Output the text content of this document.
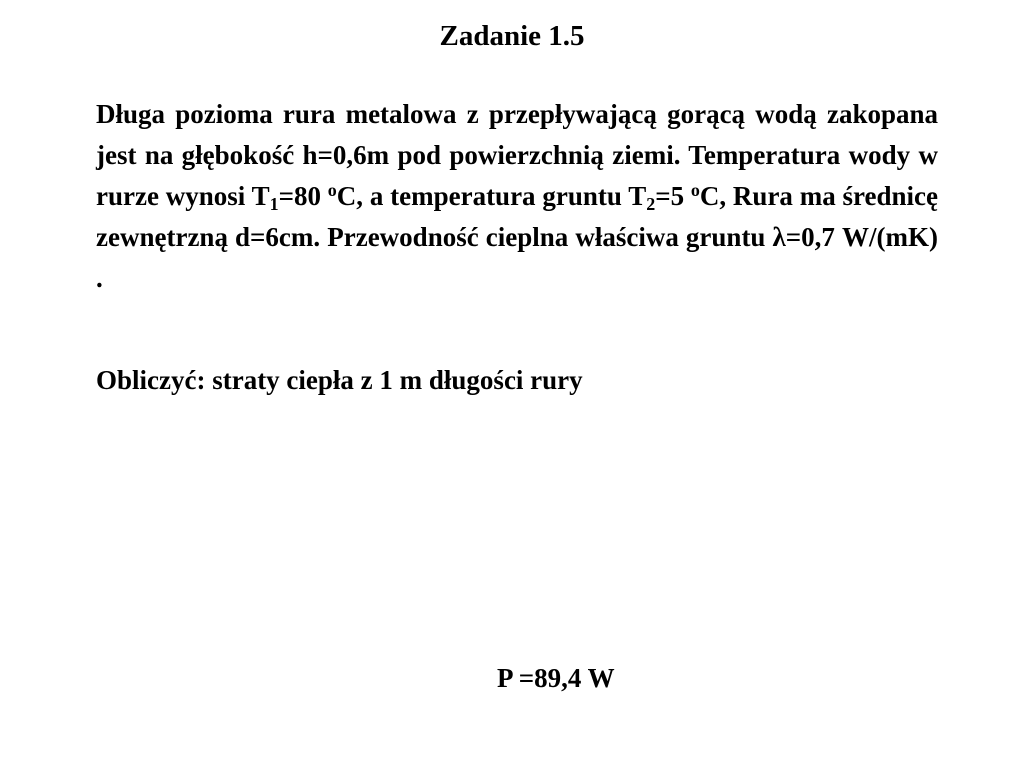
Zadanie 1.5

Długa pozioma rura metalowa z przepływającą gorącą wodą zakopana jest na głębokość h=0,6m pod powierzchnią ziemi. Temperatura wody w rurze wynosi $T_1=80$ $^o$C, a temperatura gruntu $T_2=5$ $^o$C, Rura ma średnicę zewnętrzną d=6cm. Przewodność cieplna właściwa gruntu λ=0,7 W/(mK) .

Obliczyć: straty ciepła z 1 m długości rury

P =89,4 W
